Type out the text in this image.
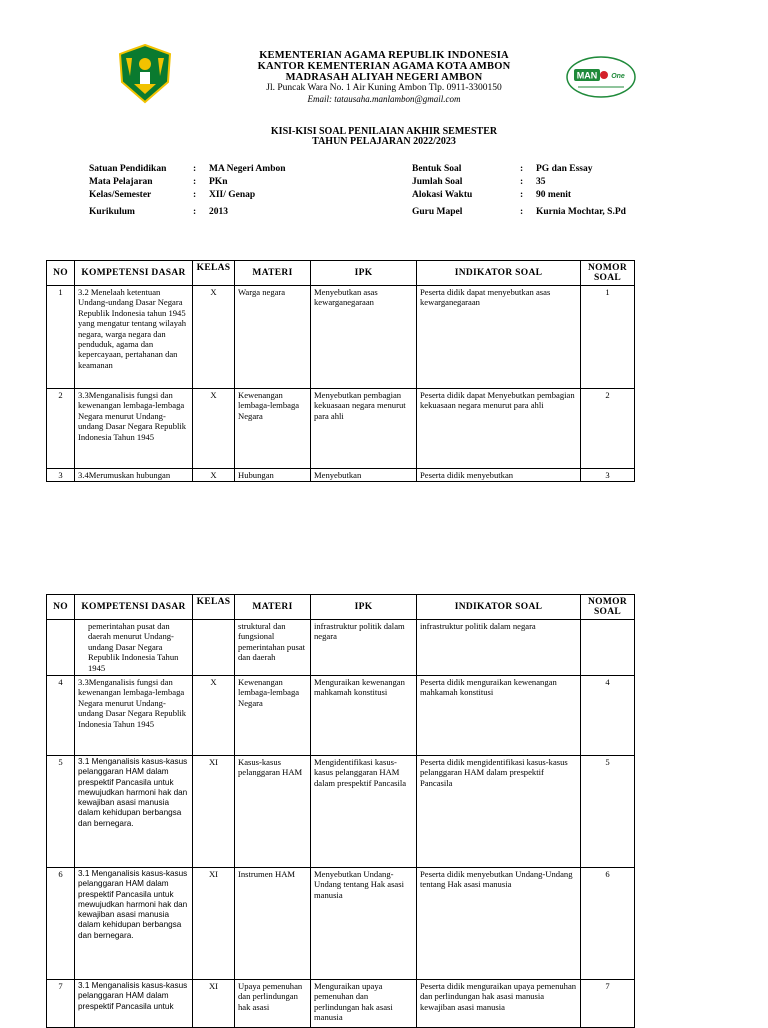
KEMENTERIAN AGAMA REPUBLIK INDONESIA
KANTOR KEMENTERIAN AGAMA KOTA AMBON
MADRASAH ALIYAH NEGERI AMBON
Jl. Puncak Wara No. 1 Air Kuning Ambon Tlp. 0911-3300150
Email: tatausaha.manlambon@gmail.com
MAN One
KISI-KISI SOAL PENILAIAN AKHIR SEMESTER
TAHUN PELAJARAN 2022/2023
Satuan Pendidikan	: MA Negeri Ambon
Mata Pelajaran	: PKn
Kelas/Semester	: XII/ Genap
Kurikulum	: 2013
Bentuk Soal	: PG dan Essay
Jumlah Soal	: 35
Alokasi Waktu	: 90 menit
Guru Mapel	: Kurnia Mochtar, S.Pd
NO	KOMPETENSI DASAR	KELAS	MATERI	IPK	INDIKATOR SOAL	NOMOR
SOAL
1	3.2 Menelaah ketentuan Undang-undang Dasar Negara Republik Indonesia tahun 1945 yang mengatur tentang wilayah negara, warga negara dan penduduk, agama dan kepercayaan, pertahanan dan keamanan	X	Warga negara	Menyebutkan asas kewarganegaraan	Peserta didik dapat menyebutkan asas kewarganegaraan	1
2	3.3Menganalisis fungsi dan kewenangan lembaga-lembaga Negara menurut Undang-undang Dasar Negara Republik Indonesia Tahun 1945	X	Kewenangan lembaga-lembaga Negara	Menyebutkan pembagian kekuasaan negara menurut para ahli	Peserta didik dapat Menyebutkan pembagian kekuasaan negara menurut para ahli	2
3	3.4Merumuskan hubungan	X	Hubungan	Menyebutkan	Peserta didik menyebutkan	3
NO	KOMPETENSI DASAR	KELAS	MATERI	IPK	INDIKATOR SOAL	NOMOR
SOAL
	pemerintahan pusat dan daerah menurut Undang-undang Dasar Negara Republik Indonesia Tahun 1945		struktural dan fungsional pemerintahan pusat dan daerah	infrastruktur politik dalam negara	infrastruktur politik dalam negara	
4	3.3Menganalisis fungsi dan kewenangan lembaga-lembaga Negara menurut Undang-undang Dasar Negara Republik Indonesia Tahun 1945	X	Kewenangan lembaga-lembaga Negara	Menguraikan kewenangan mahkamah konstitusi	Peserta didik menguraikan kewenangan mahkamah konstitusi	4
5	3.1 Menganalisis kasus-kasus pelanggaran HAM dalam prespektif Pancasila untuk mewujudkan harmoni hak dan kewajiban asasi manusia dalam kehidupan berbangsa dan bernegara.	XI	Kasus-kasus pelanggaran HAM	Mengidentifikasi kasus-kasus pelanggaran HAM dalam prespektif Pancasila	Peserta didik mengidentifikasi kasus-kasus pelanggaran HAM dalam prespektif Pancasila	5
6	3.1 Menganalisis kasus-kasus pelanggaran HAM dalam prespektif Pancasila untuk mewujudkan harmoni hak dan kewajiban asasi manusia dalam kehidupan berbangsa dan bernegara.	XI	Instrumen HAM	Menyebutkan Undang-Undang tentang Hak asasi manusia	Peserta didik menyebutkan Undang-Undang tentang Hak asasi manusia	6
7	3.1 Menganalisis kasus-kasus pelanggaran HAM dalam prespektif Pancasila untuk	XI	Upaya pemenuhan dan perlindungan hak asasi	Menguraikan upaya pemenuhan dan perlindungan hak asasi manusia	Peserta didik menguraikan upaya pemenuhan dan perlindungan hak asasi manusia kewajiban asasi manusia	7
